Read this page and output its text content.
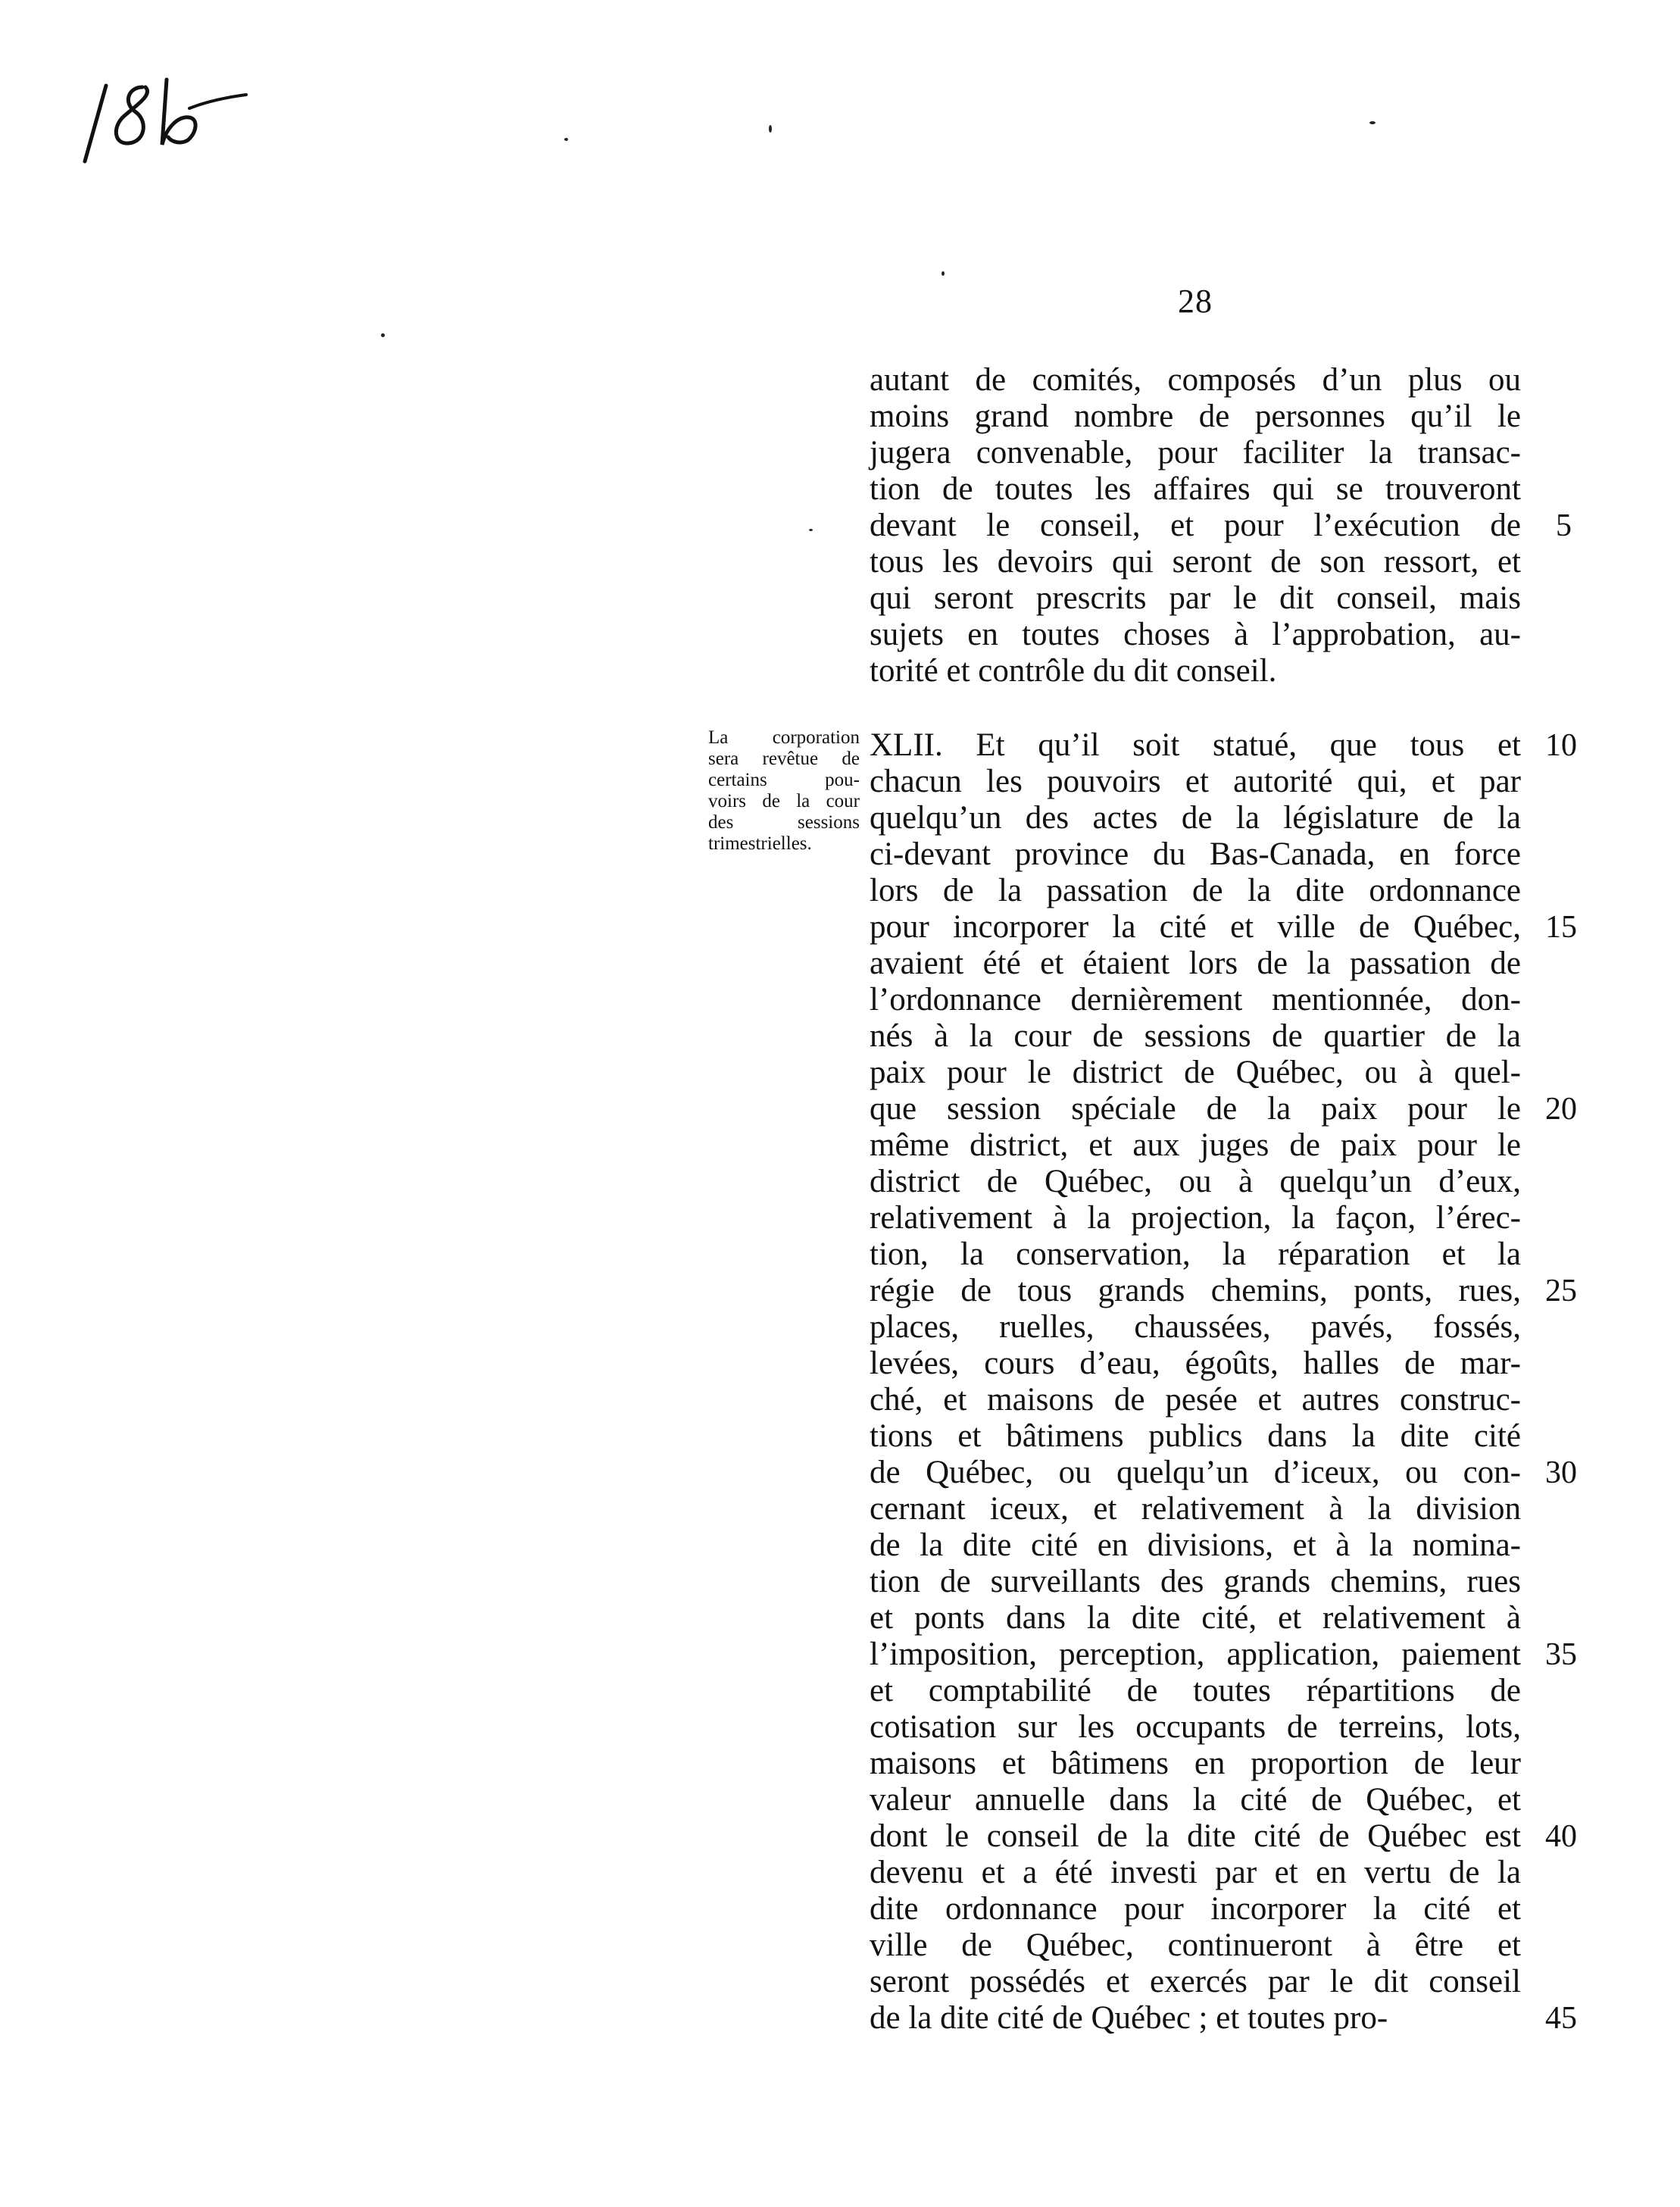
28
La corporation
sera revêtue de
certains pou-
voirs de la cour
des sessions
trimestrielles.
autant de comités, composés d’un plus ou
moins grand nombre de personnes qu’il le
jugera convenable, pour faciliter la transac-
tion de toutes les affaires qui se trouveront
devant le conseil, et pour l’exécution de
tous les devoirs qui seront de son ressort, et
qui seront prescrits par le dit conseil, mais
sujets en toutes choses à l’approbation, au-
torité et contrôle du dit conseil.
XLII. Et qu’il soit statué, que tous et
chacun les pouvoirs et autorité qui, et par
quelqu’un des actes de la législature de la
ci-devant province du Bas-Canada, en force
lors de la passation de la dite ordonnance
pour incorporer la cité et ville de Québec,
avaient été et étaient lors de la passation de
l’ordonnance dernièrement mentionnée, don-
nés à la cour de sessions de quartier de la
paix pour le district de Québec, ou à quel-
que session spéciale de la paix pour le
même district, et aux juges de paix pour le
district de Québec, ou à quelqu’un d’eux,
relativement à la projection, la façon, l’érec-
tion, la conservation, la réparation et la
régie de tous grands chemins, ponts, rues,
places, ruelles, chaussées, pavés, fossés,
levées, cours d’eau, égoûts, halles de mar-
ché, et maisons de pesée et autres construc-
tions et bâtimens publics dans la dite cité
de Québec, ou quelqu’un d’iceux, ou con-
cernant iceux, et relativement à la division
de la dite cité en divisions, et à la nomina-
tion de surveillants des grands chemins, rues
et ponts dans la dite cité, et relativement à
l’imposition, perception, application, paiement
et comptabilité de toutes répartitions de
cotisation sur les occupants de terreins, lots,
maisons et bâtimens en proportion de leur
valeur annuelle dans la cité de Québec, et
dont le conseil de la dite cité de Québec est
devenu et a été investi par et en vertu de la
dite ordonnance pour incorporer la cité et
ville de Québec, continueront à être et
seront possédés et exercés par le dit conseil
de la dite cité de Québec ; et toutes pro-
5
10
15
20
25
30
35
40
45
